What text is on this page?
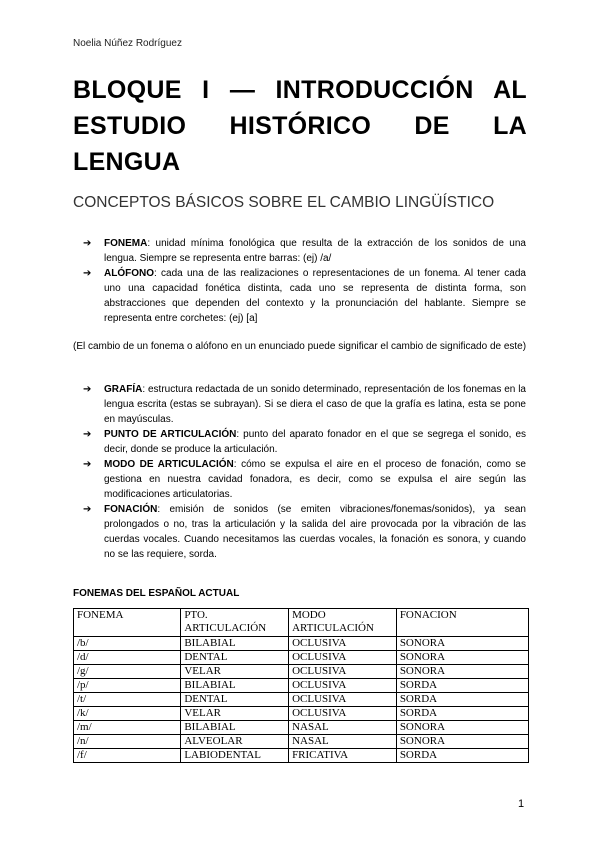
Noelia Núñez Rodríguez
BLOQUE I — INTRODUCCIÓN AL
ESTUDIO HISTÓRICO DE LA
LENGUA
CONCEPTOS BÁSICOS SOBRE EL CAMBIO LINGÜÍSTICO
➔ FONEMA: unidad mínima fonológica que resulta de la extracción de los sonidos de una lengua. Siempre se representa entre barras: (ej) /a/
➔ ALÓFONO: cada una de las realizaciones o representaciones de un fonema. Al tener cada uno una capacidad fonética distinta, cada uno se representa de distinta forma, son abstracciones que dependen del contexto y la pronunciación del hablante. Siempre se representa entre corchetes: (ej) [a]
(El cambio de un fonema o alófono en un enunciado puede significar el cambio de significado de este)
➔ GRAFÍA: estructura redactada de un sonido determinado, representación de los fonemas en la lengua escrita (estas se subrayan). Si se diera el caso de que la grafía es latina, esta se pone en mayúsculas.
➔ PUNTO DE ARTICULACIÓN: punto del aparato fonador en el que se segrega el sonido, es decir, donde se produce la articulación.
➔ MODO DE ARTICULACIÓN: cómo se expulsa el aire en el proceso de fonación, como se gestiona en nuestra cavidad fonadora, es decir, como se expulsa el aire según las modificaciones articulatorias.
➔ FONACIÓN: emisión de sonidos (se emiten vibraciones/fonemas/sonidos), ya sean prolongados o no, tras la articulación y la salida del aire provocada por la vibración de las cuerdas vocales. Cuando necesitamos las cuerdas vocales, la fonación es sonora, y cuando no se las requiere, sorda.
FONEMAS DEL ESPAÑOL ACTUAL
FONEMA	PTO. ARTICULACIÓN	MODO ARTICULACIÓN	FONACION
/b/	BILABIAL	OCLUSIVA	SONORA
/d/	DENTAL	OCLUSIVA	SONORA
/g/	VELAR	OCLUSIVA	SONORA
/p/	BILABIAL	OCLUSIVA	SORDA
/t/	DENTAL	OCLUSIVA	SORDA
/k/	VELAR	OCLUSIVA	SORDA
/m/	BILABIAL	NASAL	SONORA
/n/	ALVEOLAR	NASAL	SONORA
/f/	LABIODENTAL	FRICATIVA	SORDA
1
